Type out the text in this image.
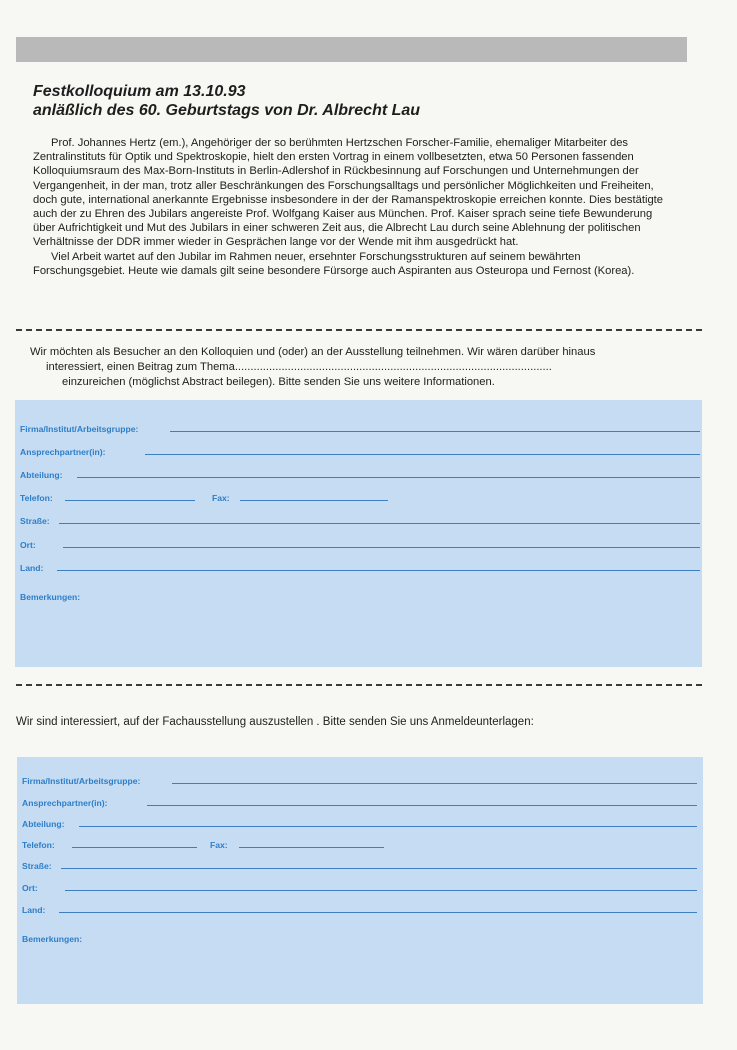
Festkolloquium am 13.10.93
anläßlich des 60. Geburtstags von Dr. Albrecht Lau

Prof. Johannes Hertz (em.), Angehöriger der so berühmten Hertzschen Forscher-Familie, ehemaliger Mitarbeiter des Zentralinstituts für Optik und Spektroskopie, hielt den ersten Vortrag in einem vollbesetzten, etwa 50 Personen fassenden Kolloquiumsraum des Max-Born-Instituts in Berlin-Adlershof in Rückbesinnung auf Forschungen und Unternehmungen der Vergangenheit, in der man, trotz aller Beschränkungen des Forschungsalltags und persönlicher Möglichkeiten und Freiheiten, doch gute, international anerkannte Ergebnisse insbesondere in der der Ramanspektroskopie erreichen konnte. Dies bestätigte auch der zu Ehren des Jubilars angereiste Prof. Wolfgang Kaiser aus München. Prof. Kaiser sprach seine tiefe Bewunderung über Aufrichtigkeit und Mut des Jubilars in einer schweren Zeit aus, die Albrecht Lau durch seine Ablehnung der politischen Verhältnisse der DDR immer wieder in Gesprächen lange vor der Wende mit ihm ausgedrückt hat.

Viel Arbeit wartet auf den Jubilar im Rahmen neuer, ersehnter Forschungsstrukturen auf seinem bewährten Forschungsgebiet. Heute wie damals gilt seine besondere Fürsorge auch Aspiranten aus Osteuropa und Fernost (Korea).

Wir möchten als Besucher an den Kolloquien und (oder) an der Ausstellung teilnehmen. Wir wären darüber hinaus
interessiert, einen Beitrag zum Thema......................................................................................................
einzureichen (möglichst Abstract beilegen). Bitte senden Sie uns weitere Informationen.
Firma/Institut/Arbeitsgruppe:
Ansprechpartner(in):
Abteilung:
Telefon:	Fax:
Straße:
Ort:
Land:
Bemerkungen:
Wir sind interessiert, auf der Fachausstellung auszustellen . Bitte senden Sie uns Anmeldeunterlagen:
Firma/Institut/Arbeitsgruppe:
Ansprechpartner(in):
Abteilung:
Telefon:	Fax:
Straße:
Ort:
Land:
Bemerkungen:
